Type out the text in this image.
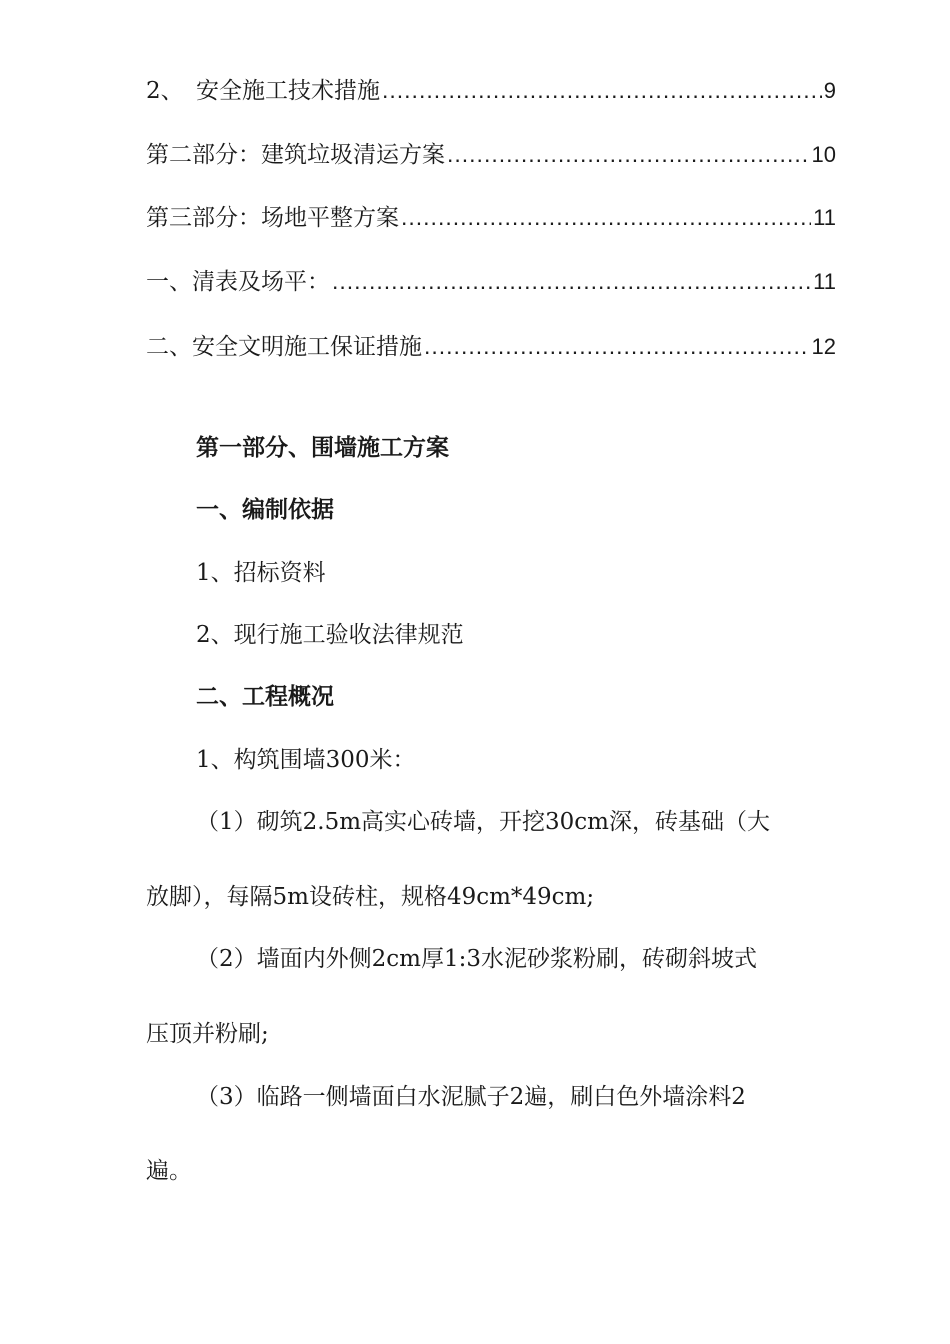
2、 安全施工技术措施 .....	9
第二部分：建筑垃圾清运方案 .....	10
第三部分：场地平整方案 .....	11
一、清表及场平： .....	11
二、安全文明施工保证措施 .....	12
第一部分、围墙施工方案
一、编制依据
1、招标资料
2、现行施工验收法律规范
二、工程概况
1、构筑围墙300米：
（1）砌筑2.5m高实心砖墙，开挖30cm深，砖基础（大
放脚），每隔5m设砖柱，规格49cm*49cm;
（2）墙面内外侧2cm厚1:3水泥砂浆粉刷，砖砌斜坡式
压顶并粉刷;
（3）临路一侧墙面白水泥腻子2遍，刷白色外墙涂料2
遍。
